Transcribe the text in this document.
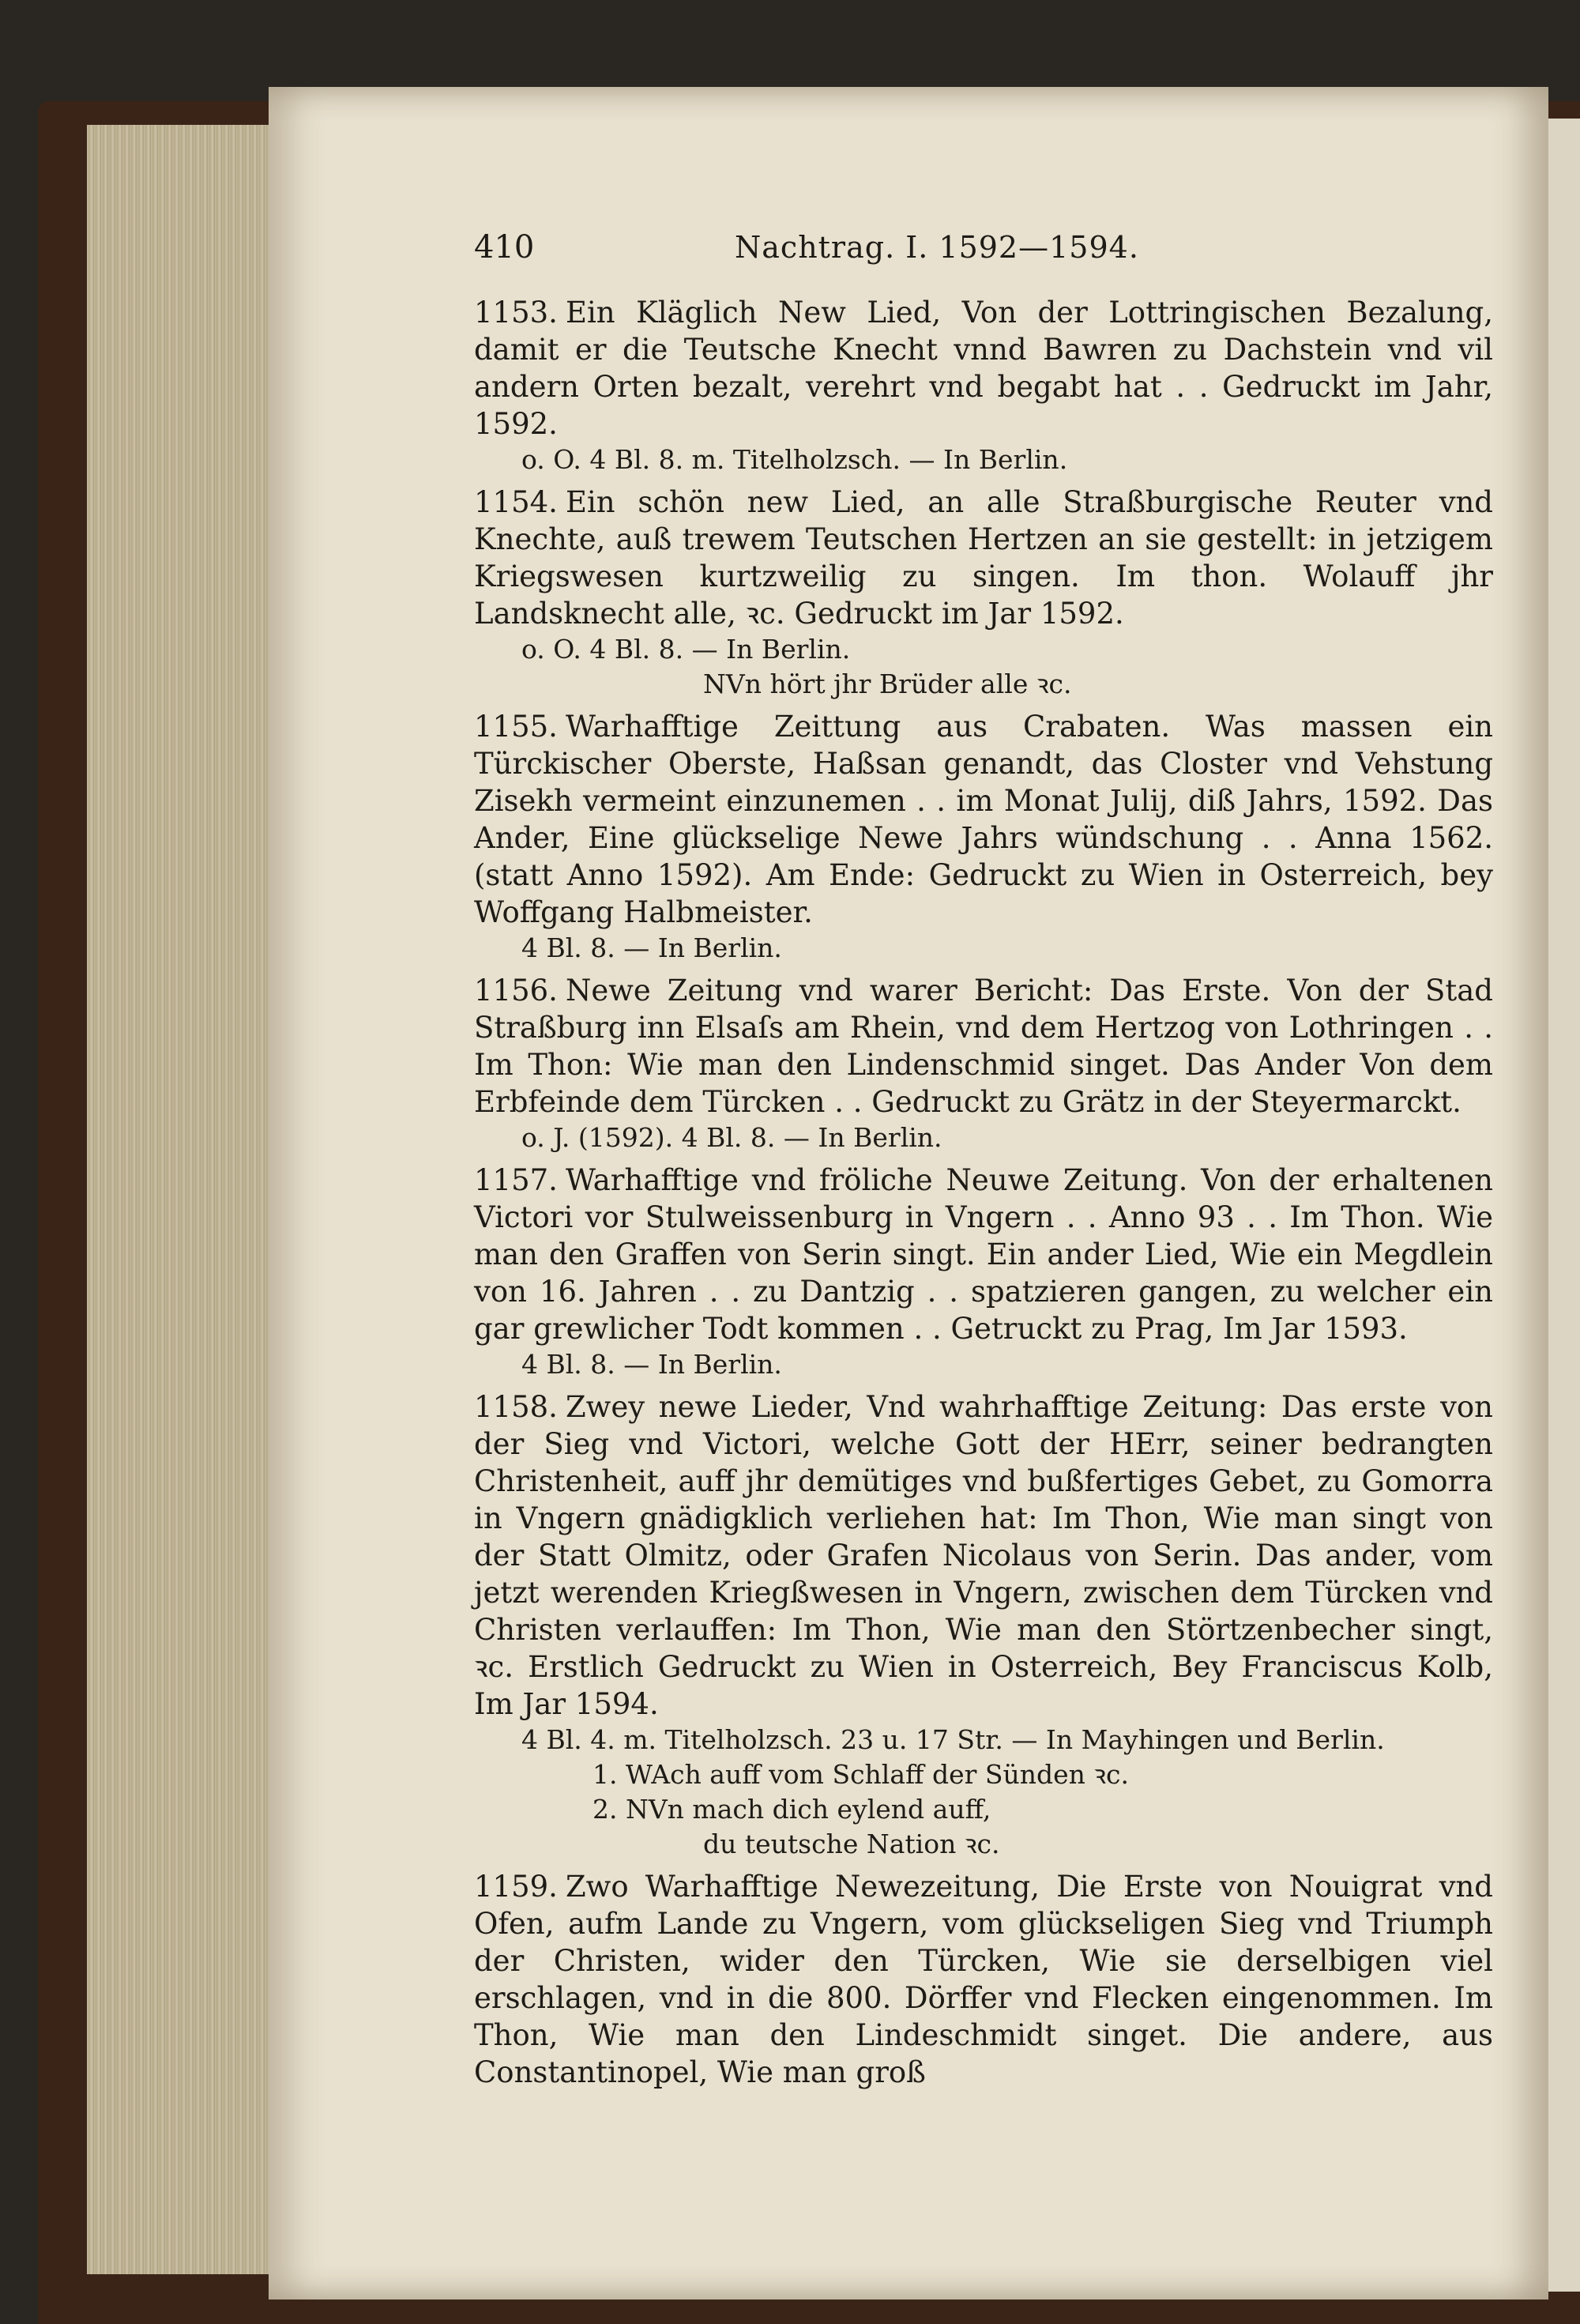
410	Nachtrag. I. 1592—1594.

1153. Ein Kläglich New Lied, Von der Lottringischen Bezalung, damit er die Teutsche Knecht vnnd Bawren zu Dachstein vnd vil andern Orten bezalt, verehrt vnd begabt hat . . Gedruckt im Jahr, 1592.

o. O. 4 Bl. 8. m. Titelholzsch. — In Berlin.

1154. Ein schön new Lied, an alle Straßburgische Reuter vnd Knechte, auß trewem Teutschen Hertzen an sie gestellt: in jetzigem Kriegswesen kurtzweilig zu singen. Im thon. Wolauff jhr Landsknecht alle, ꝛc. Gedruckt im Jar 1592.

o. O. 4 Bl. 8. — In Berlin.

NVn hört jhr Brüder alle ꝛc.

1155. Warhafftige Zeittung aus Crabaten. Was massen ein Türckischer Oberste, Haßsan genandt, das Closter vnd Vehstung Zisekh vermeint einzunemen . . im Monat Julij, diß Jahrs, 1592. Das Ander, Eine glückselige Newe Jahrs wündschung . . Anna 1562. (statt Anno 1592). Am Ende: Gedruckt zu Wien in Osterreich, bey Woffgang Halbmeister.

4 Bl. 8. — In Berlin.

1156. Newe Zeitung vnd warer Bericht: Das Erste. Von der Stad Straßburg inn Elsaſs am Rhein, vnd dem Hertzog von Lothringen . . Im Thon: Wie man den Lindenschmid singet. Das Ander Von dem Erbfeinde dem Türcken . . Gedruckt zu Grätz in der Steyermarckt.

o. J. (1592). 4 Bl. 8. — In Berlin.

1157. Warhafftige vnd fröliche Neuwe Zeitung. Von der erhaltenen Victori vor Stulweissenburg in Vngern . . Anno 93 . . Im Thon. Wie man den Graffen von Serin singt. Ein ander Lied, Wie ein Megdlein von 16. Jahren . . zu Dantzig . . spatzieren gangen, zu welcher ein gar grewlicher Todt kommen . . Getruckt zu Prag, Im Jar 1593.

4 Bl. 8. — In Berlin.

1158. Zwey newe Lieder, Vnd wahrhafftige Zeitung: Das erste von der Sieg vnd Victori, welche Gott der HErr, seiner bedrangten Christenheit, auff jhr demütiges vnd bußfertiges Gebet, zu Gomorra in Vngern gnädigklich verliehen hat: Im Thon, Wie man singt von der Statt Olmitz, oder Grafen Nicolaus von Serin. Das ander, vom jetzt werenden Kriegßwesen in Vngern, zwischen dem Türcken vnd Christen verlauffen: Im Thon, Wie man den Störtzenbecher singt, ꝛc. Erstlich Gedruckt zu Wien in Osterreich, Bey Franciscus Kolb, Im Jar 1594.

4 Bl. 4. m. Titelholzsch. 23 u. 17 Str. — In Mayhingen und Berlin.

1. WAch auff vom Schlaff der Sünden ꝛc.

2. NVn mach dich eylend auff,

du teutsche Nation ꝛc.

1159. Zwo Warhafftige Newezeitung, Die Erste von Nouigrat vnd Ofen, aufm Lande zu Vngern, vom glückseligen Sieg vnd Triumph der Christen, wider den Türcken, Wie sie derselbigen viel erschlagen, vnd in die 800. Dörffer vnd Flecken eingenommen. Im Thon, Wie man den Lindeschmidt singet. Die andere, aus Constantinopel, Wie man groß
